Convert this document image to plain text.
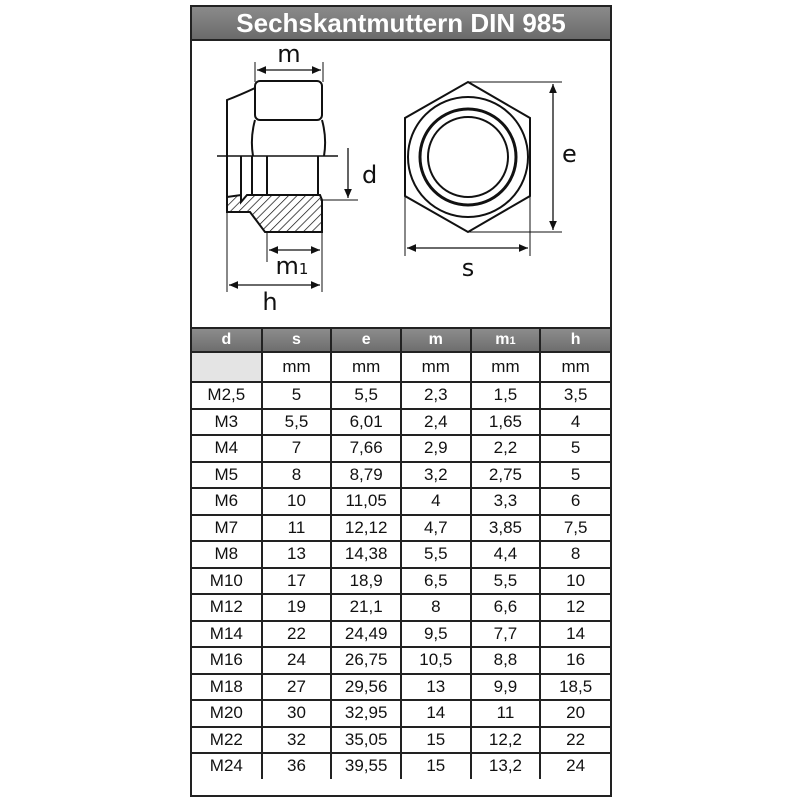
Sechskantmuttern DIN 985
m
d
m1
h
e
s
d	s	e	m	m1	h
	mm	mm	mm	mm	mm
M2,5	5	5,5	2,3	1,5	3,5
M3	5,5	6,01	2,4	1,65	4
M4	7	7,66	2,9	2,2	5
M5	8	8,79	3,2	2,75	5
M6	10	11,05	4	3,3	6
M7	11	12,12	4,7	3,85	7,5
M8	13	14,38	5,5	4,4	8
M10	17	18,9	6,5	5,5	10
M12	19	21,1	8	6,6	12
M14	22	24,49	9,5	7,7	14
M16	24	26,75	10,5	8,8	16
M18	27	29,56	13	9,9	18,5
M20	30	32,95	14	11	20
M22	32	35,05	15	12,2	22
M24	36	39,55	15	13,2	24
